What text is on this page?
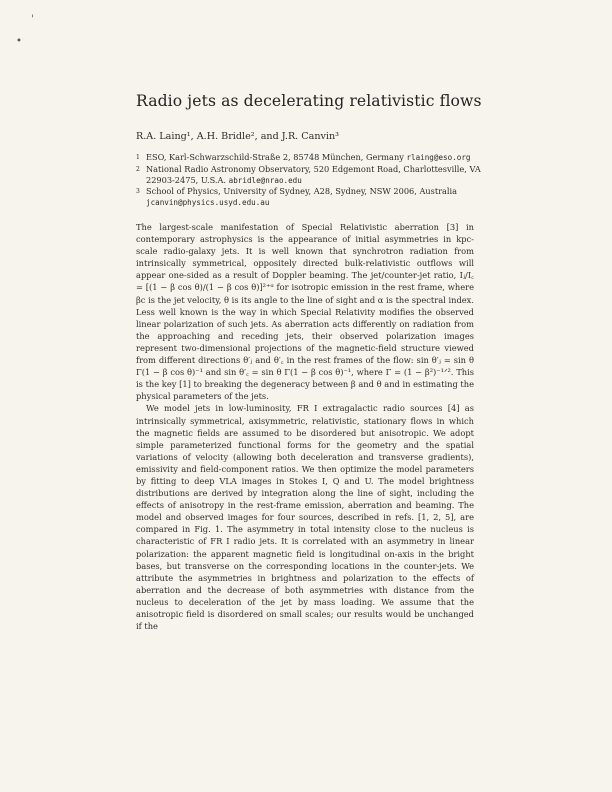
•
'
Radio jets as decelerating relativistic flows
R.A. Laing¹, A.H. Bridle², and J.R. Canvin³
1 ESO, Karl-Schwarzschild-Straße 2, 85748 München, Germany rlaing@eso.org
2 National Radio Astronomy Observatory, 520 Edgemont Road, Charlottesville, VA 22903-2475, U.S.A. abridle@nrao.edu
3 School of Physics, University of Sydney, A28, Sydney, NSW 2006, Australia
jcanvin@physics.usyd.edu.au

The largest-scale manifestation of Special Relativistic aberration [3] in contemporary astrophysics is the appearance of initial asymmetries in kpc-scale radio-galaxy jets. It is well known that synchrotron radiation from intrinsically symmetrical, oppositely directed bulk-relativistic outflows will appear one-sided as a result of Doppler beaming. The jet/counter-jet ratio, Iⱼ/I꜀ = [(1 − β cos θ)/(1 − β cos θ)]²⁺ᵅ for isotropic emission in the rest frame, where βc is the jet velocity, θ is its angle to the line of sight and α is the spectral index. Less well known is the way in which Special Relativity modifies the observed linear polarization of such jets. As aberration acts differently on radiation from the approaching and receding jets, their observed polarization images represent two-dimensional projections of the magnetic-field structure viewed from different directions θ′ⱼ and θ′꜀ in the rest frames of the flow: sin θ′ⱼ = sin θ Γ(1 − β cos θ)⁻¹ and sin θ′꜀ = sin θ Γ(1 − β cos θ)⁻¹, where Γ = (1 − β²)⁻¹ᐟ². This is the key [1] to breaking the degeneracy between β and θ and in estimating the physical parameters of the jets.

We model jets in low-luminosity, FR I extragalactic radio sources [4] as intrinsically symmetrical, axisymmetric, relativistic, stationary flows in which the magnetic fields are assumed to be disordered but anisotropic. We adopt simple parameterized functional forms for the geometry and the spatial variations of velocity (allowing both deceleration and transverse gradients), emissivity and field-component ratios. We then optimize the model parameters by fitting to deep VLA images in Stokes I, Q and U. The model brightness distributions are derived by integration along the line of sight, including the effects of anisotropy in the rest-frame emission, aberration and beaming. The model and observed images for four sources, described in refs. [1, 2, 5], are compared in Fig. 1. The asymmetry in total intensity close to the nucleus is characteristic of FR I radio jets. It is correlated with an asymmetry in linear polarization: the apparent magnetic field is longitudinal on-axis in the bright bases, but transverse on the corresponding locations in the counter-jets. We attribute the asymmetries in brightness and polarization to the effects of aberration and the decrease of both asymmetries with distance from the nucleus to deceleration of the jet by mass loading. We assume that the anisotropic field is disordered on small scales; our results would be unchanged if the
